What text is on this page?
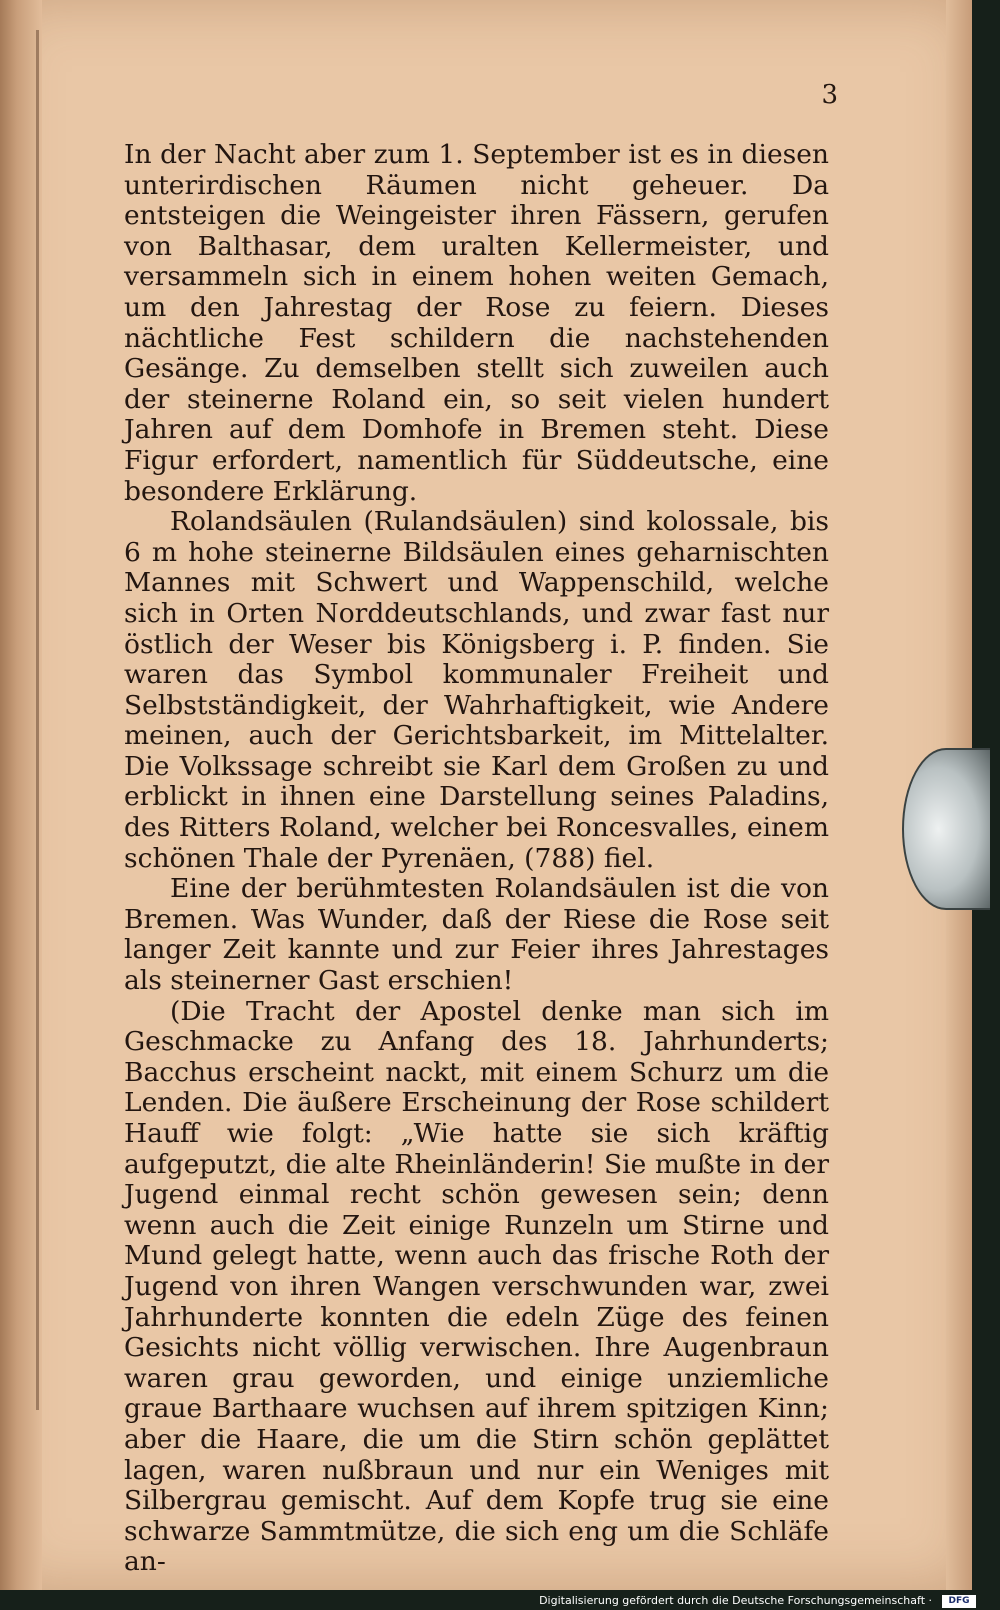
3

In der Nacht aber zum 1. September ist es in diesen unterirdischen Räumen nicht geheuer. Da entsteigen die Weingeister ihren Fässern, gerufen von Balthasar, dem uralten Kellermeister, und versammeln sich in einem hohen weiten Gemach, um den Jahrestag der Rose zu feiern. Dieses nächtliche Fest schildern die nachstehenden Gesänge. Zu demselben stellt sich zuweilen auch der steinerne Roland ein, so seit vielen hundert Jahren auf dem Domhofe in Bremen steht. Diese Figur erfordert, namentlich für Süddeutsche, eine besondere Erklärung.

Rolandsäulen (Rulandsäulen) sind kolossale, bis 6 m hohe steinerne Bildsäulen eines geharnischten Mannes mit Schwert und Wappenschild, welche sich in Orten Norddeutschlands, und zwar fast nur östlich der Weser bis Königsberg i. P. finden. Sie waren das Symbol kommunaler Freiheit und Selbstständigkeit, der Wahrhaftigkeit, wie Andere meinen, auch der Gerichtsbarkeit, im Mittelalter. Die Volkssage schreibt sie Karl dem Großen zu und erblickt in ihnen eine Darstellung seines Paladins, des Ritters Roland, welcher bei Roncesvalles, einem schönen Thale der Pyrenäen, (788) fiel.

Eine der berühmtesten Rolandsäulen ist die von Bremen. Was Wunder, daß der Riese die Rose seit langer Zeit kannte und zur Feier ihres Jahrestages als steinerner Gast erschien!

(Die Tracht der Apostel denke man sich im Geschmacke zu Anfang des 18. Jahrhunderts; Bacchus erscheint nackt, mit einem Schurz um die Lenden. Die äußere Erscheinung der Rose schildert Hauff wie folgt: „Wie hatte sie sich kräftig aufgeputzt, die alte Rheinländerin! Sie mußte in der Jugend einmal recht schön gewesen sein; denn wenn auch die Zeit einige Runzeln um Stirne und Mund gelegt hatte, wenn auch das frische Roth der Jugend von ihren Wangen verschwunden war, zwei Jahrhunderte konnten die edeln Züge des feinen Gesichts nicht völlig verwischen. Ihre Augenbraun waren grau geworden, und einige unziemliche graue Barthaare wuchsen auf ihrem spitzigen Kinn; aber die Haare, die um die Stirn schön geplättet lagen, waren nußbraun und nur ein Weniges mit Silbergrau gemischt. Auf dem Kopfe trug sie eine schwarze Sammtmütze, die sich eng um die Schläfe an-

Digitalisierung gefördert durch die Deutsche Forschungsgemeinschaft ·	DFG
